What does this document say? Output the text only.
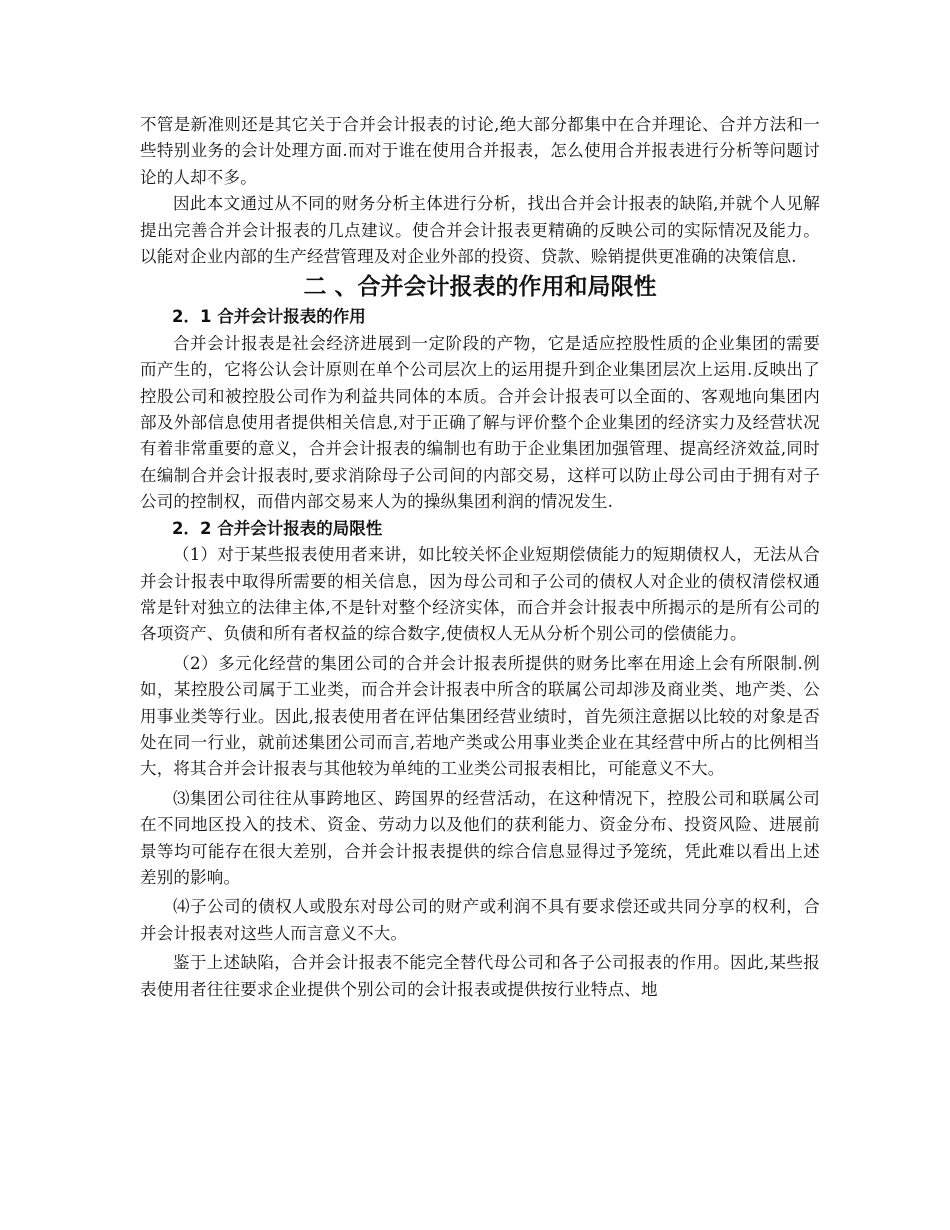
不管是新准则还是其它关于合并会计报表的讨论,绝大部分都集中在合并理论、合并方法和一些特别业务的会计处理方面.而对于谁在使用合并报表，怎么使用合并报表进行分析等问题讨论的人却不多。

因此本文通过从不同的财务分析主体进行分析，找出合并会计报表的缺陷,并就个人见解提出完善合并会计报表的几点建议。使合并会计报表更精确的反映公司的实际情况及能力。以能对企业内部的生产经营管理及对企业外部的投资、贷款、赊销提供更准确的决策信息.

二 、合并会计报表的作用和局限性
2．1 合并会计报表的作用

合并会计报表是社会经济进展到一定阶段的产物，它是适应控股性质的企业集团的需要而产生的，它将公认会计原则在单个公司层次上的运用提升到企业集团层次上运用.反映出了控股公司和被控股公司作为利益共同体的本质。合并会计报表可以全面的、客观地向集团内部及外部信息使用者提供相关信息,对于正确了解与评价整个企业集团的经济实力及经营状况有着非常重要的意义，合并会计报表的编制也有助于企业集团加强管理、提高经济效益,同时在编制合并会计报表时,要求消除母子公司间的内部交易，这样可以防止母公司由于拥有对子公司的控制权，而借内部交易来人为的操纵集团利润的情况发生.

2．2 合并会计报表的局限性

（1）对于某些报表使用者来讲，如比较关怀企业短期偿债能力的短期债权人，无法从合并会计报表中取得所需要的相关信息，因为母公司和子公司的债权人对企业的债权清偿权通常是针对独立的法律主体,不是针对整个经济实体，而合并会计报表中所揭示的是所有公司的各项资产、负债和所有者权益的综合数字,使债权人无从分析个别公司的偿债能力。

（2）多元化经营的集团公司的合并会计报表所提供的财务比率在用途上会有所限制.例如，某控股公司属于工业类，而合并会计报表中所含的联属公司却涉及商业类、地产类、公用事业类等行业。因此,报表使用者在评估集团经营业绩时，首先须注意据以比较的对象是否处在同一行业，就前述集团公司而言,若地产类或公用事业类企业在其经营中所占的比例相当大，将其合并会计报表与其他较为单纯的工业类公司报表相比，可能意义不大。

⑶集团公司往往从事跨地区、跨国界的经营活动，在这种情况下，控股公司和联属公司在不同地区投入的技术、资金、劳动力以及他们的获利能力、资金分布、投资风险、进展前景等均可能存在很大差别，合并会计报表提供的综合信息显得过予笼统，凭此难以看出上述差别的影响。

⑷子公司的债权人或股东对母公司的财产或利润不具有要求偿还或共同分享的权利，合并会计报表对这些人而言意义不大。

鉴于上述缺陷，合并会计报表不能完全替代母公司和各子公司报表的作用。因此,某些报表使用者往往要求企业提供个别公司的会计报表或提供按行业特点、地
